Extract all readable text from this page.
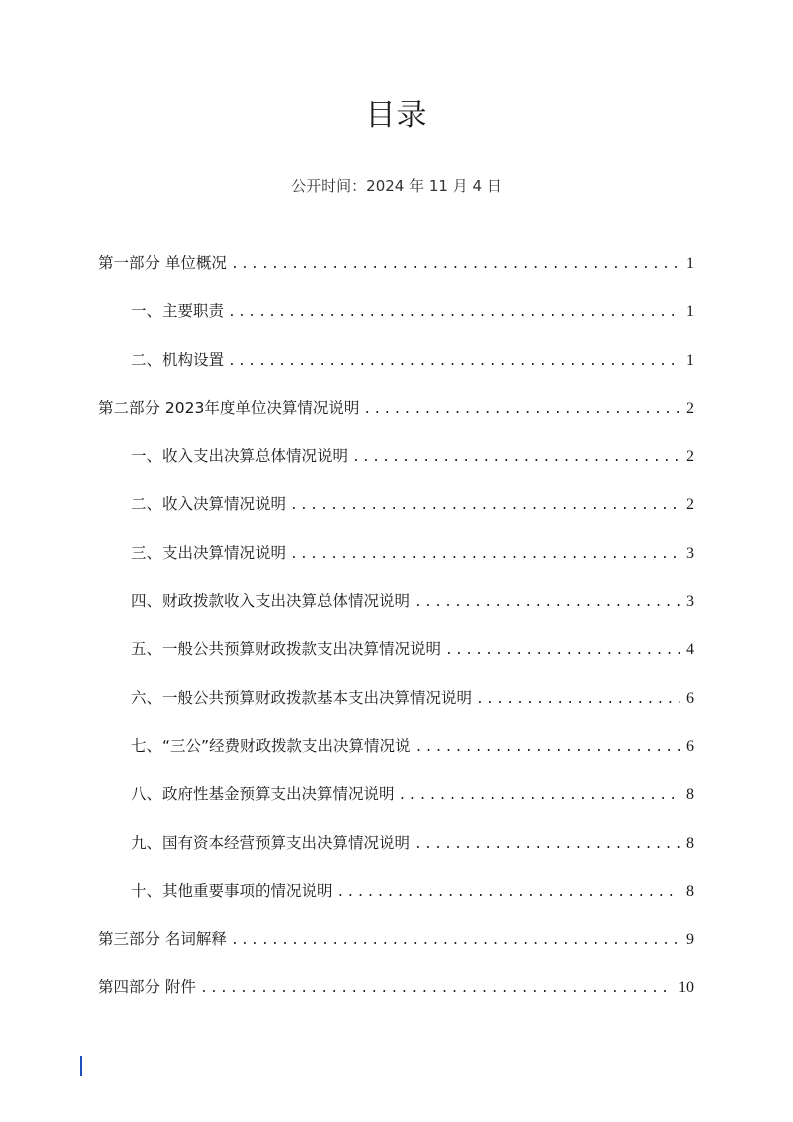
目录
公开时间：2024 年 11 月 4 日
第一部分 单位概况 .....	1
一、主要职责 .....	1
二、机构设置 .....	1
第二部分 2023年度单位决算情况说明 .....	2
一、收入支出决算总体情况说明 .....	2
二、收入决算情况说明 .....	2
三、支出决算情况说明 .....	3
四、财政拨款收入支出决算总体情况说明 .....	3
五、一般公共预算财政拨款支出决算情况说明 .....	4
六、一般公共预算财政拨款基本支出决算情况说明 .....	6
七、“三公”经费财政拨款支出决算情况说 .....	6
八、政府性基金预算支出决算情况说明 .....	8
九、国有资本经营预算支出决算情况说明 .....	8
十、其他重要事项的情况说明 .....	8
第三部分 名词解释 .....	9
第四部分 附件 .....	10
